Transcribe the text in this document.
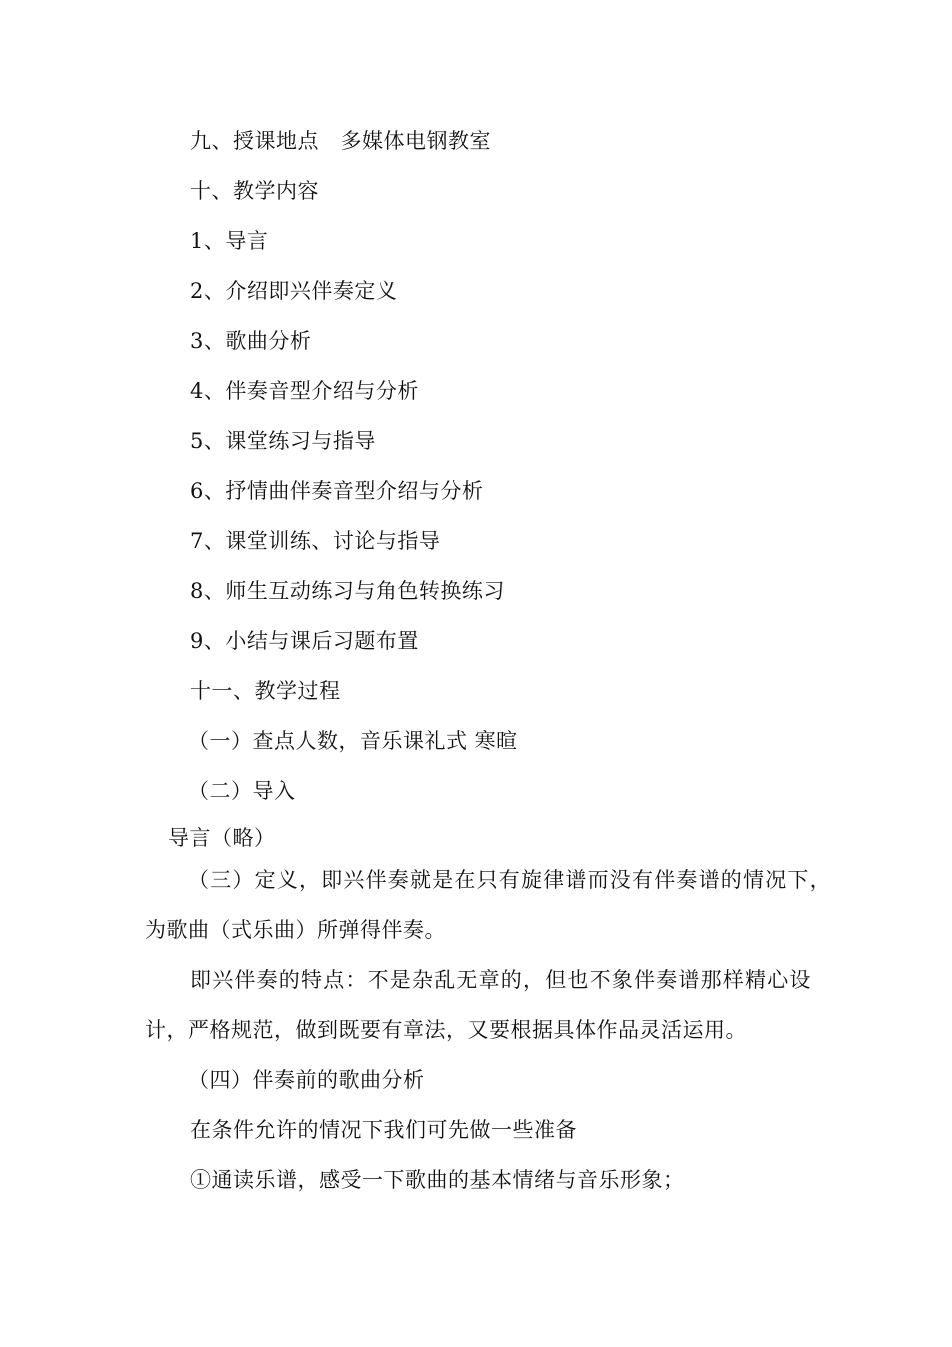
九、授课地点　多媒体电钢教室
十、教学内容
1、导言
2、介绍即兴伴奏定义
3、歌曲分析
4、伴奏音型介绍与分析
5、课堂练习与指导
6、抒情曲伴奏音型介绍与分析
7、课堂训练、讨论与指导
8、师生互动练习与角色转换练习
9、小结与课后习题布置
十一、教学过程
（一）查点人数，音乐课礼式 寒暄
（二）导入
导言（略）
（三）定义，即兴伴奏就是在只有旋律谱而没有伴奏谱的情况下，
为歌曲（式乐曲）所弹得伴奏。
即兴伴奏的特点：不是杂乱无章的，但也不象伴奏谱那样精心设
计，严格规范，做到既要有章法，又要根据具体作品灵活运用。
（四）伴奏前的歌曲分析
在条件允许的情况下我们可先做一些准备
①通读乐谱，感受一下歌曲的基本情绪与音乐形象；
